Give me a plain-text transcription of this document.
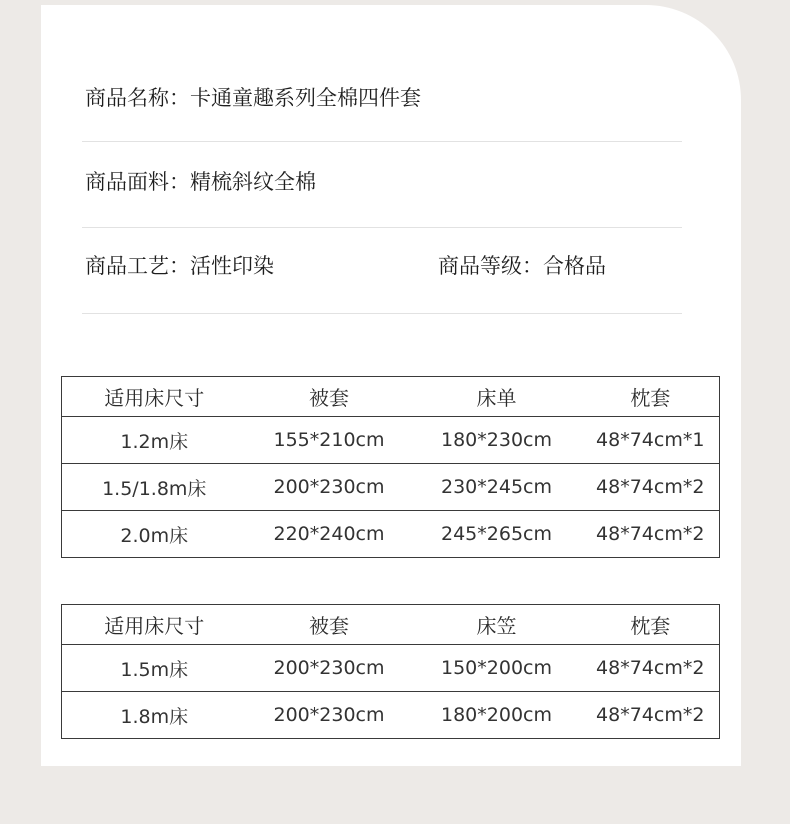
商品名称：卡通童趣系列全棉四件套
商品面料：精梳斜纹全棉
商品工艺：活性印染	商品等级：合格品
适用床尺寸	被套	床单	枕套
1.2m床	155*210cm	180*230cm	48*74cm*1
1.5/1.8m床	200*230cm	230*245cm	48*74cm*2
2.0m床	220*240cm	245*265cm	48*74cm*2
适用床尺寸	被套	床笠	枕套
1.5m床	200*230cm	150*200cm	48*74cm*2
1.8m床	200*230cm	180*200cm	48*74cm*2
